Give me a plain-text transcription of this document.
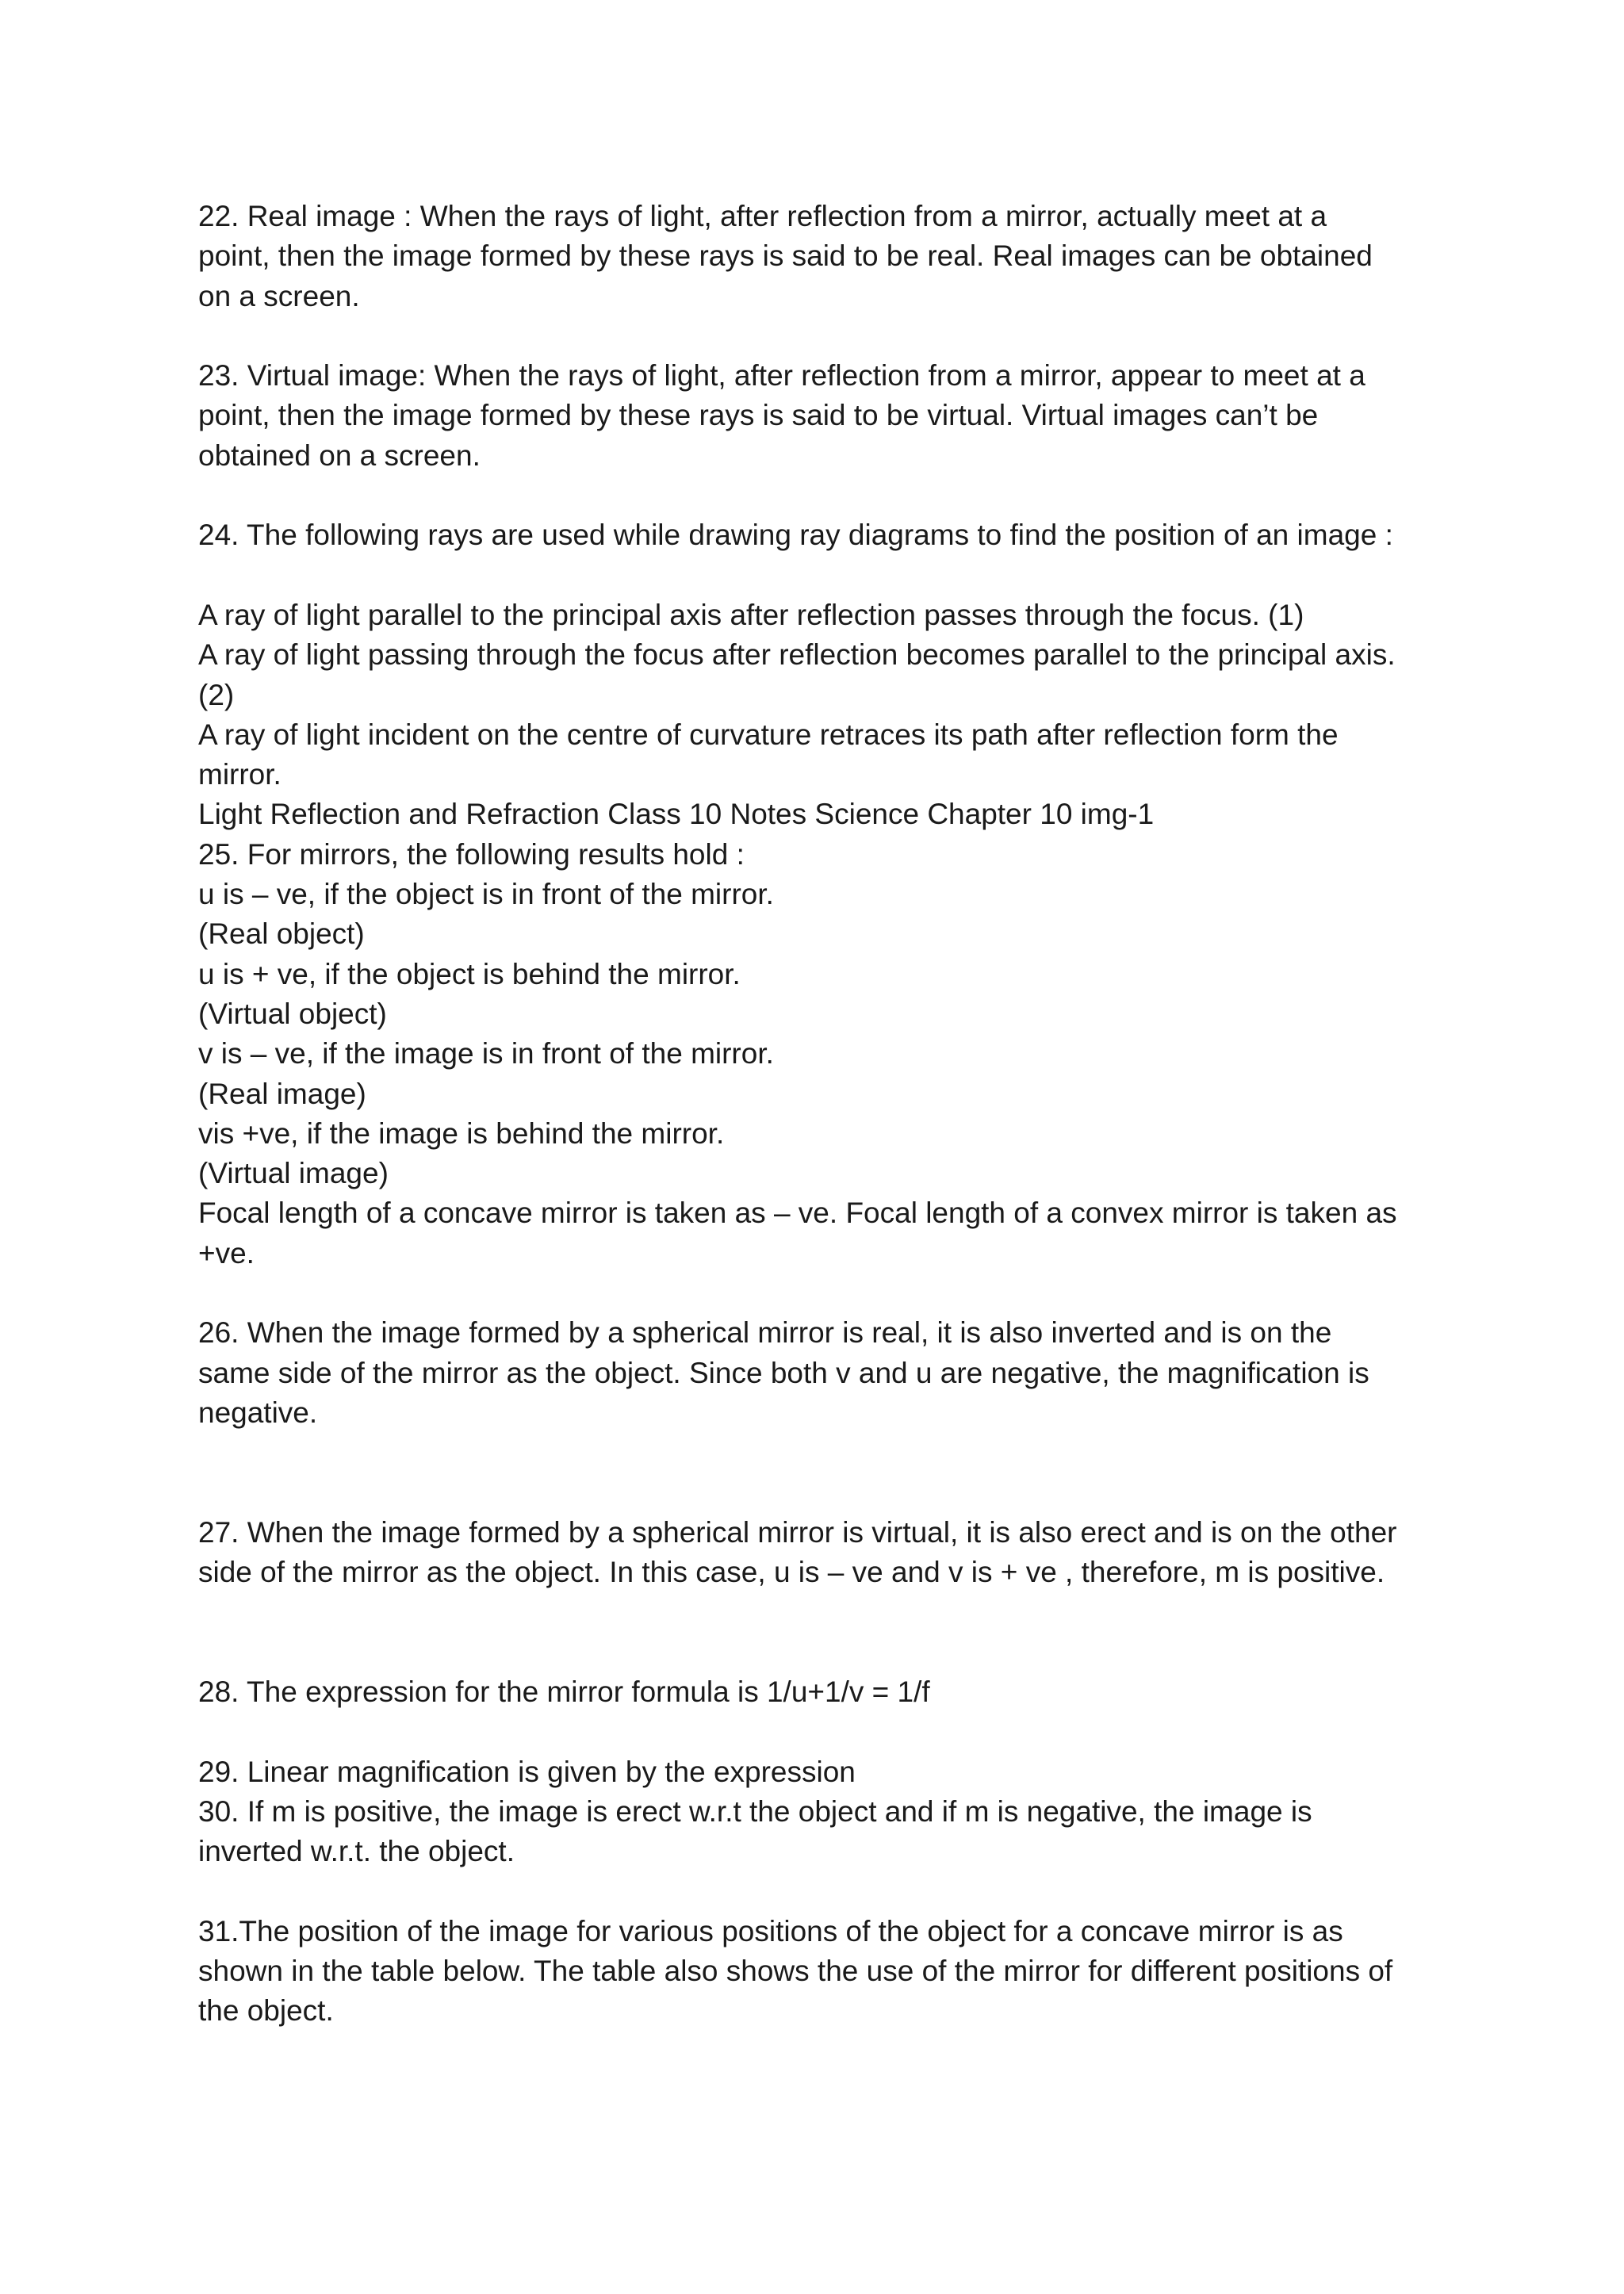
22. Real image : When the rays of light, after reflection from a mirror, actually meet at a

point, then the image formed by these rays is said to be real. Real images can be obtained

on a screen.

23. Virtual image: When the rays of light, after reflection from a mirror, appear to meet at a

point, then the image formed by these rays is said to be virtual. Virtual images can’t be

obtained on a screen.

24. The following rays are used while drawing ray diagrams to find the position of an image :

A ray of light parallel to the principal axis after reflection passes through the focus. (1)

A ray of light passing through the focus after reflection becomes parallel to the principal axis.

(2)

A ray of light incident on the centre of curvature retraces its path after reflection form the

mirror.

Light Reflection and Refraction Class 10 Notes Science Chapter 10 img-1

25. For mirrors, the following results hold :

u is – ve, if the object is in front of the mirror.

(Real object)

u is + ve, if the object is behind the mirror.

(Virtual object)

v is – ve, if the image is in front of the mirror.

(Real image)

vis +ve, if the image is behind the mirror.

(Virtual image)

Focal length of a concave mirror is taken as – ve. Focal length of a convex mirror is taken as

+ve.

26. When the image formed by a spherical mirror is real, it is also inverted and is on the

same side of the mirror as the object. Since both v and u are negative, the magnification is

negative.

27. When the image formed by a spherical mirror is virtual, it is also erect and is on the other

side of the mirror as the object. In this case, u is – ve and v is + ve , therefore, m is positive.

28. The expression for the mirror formula is 1/u+1/v = 1/f

29. Linear magnification is given by the expression

30. If m is positive, the image is erect w.r.t the object and if m is negative, the image is

inverted w.r.t. the object.

31.The position of the image for various positions of the object for a concave mirror is as

shown in the table below. The table also shows the use of the mirror for different positions of

the object.
